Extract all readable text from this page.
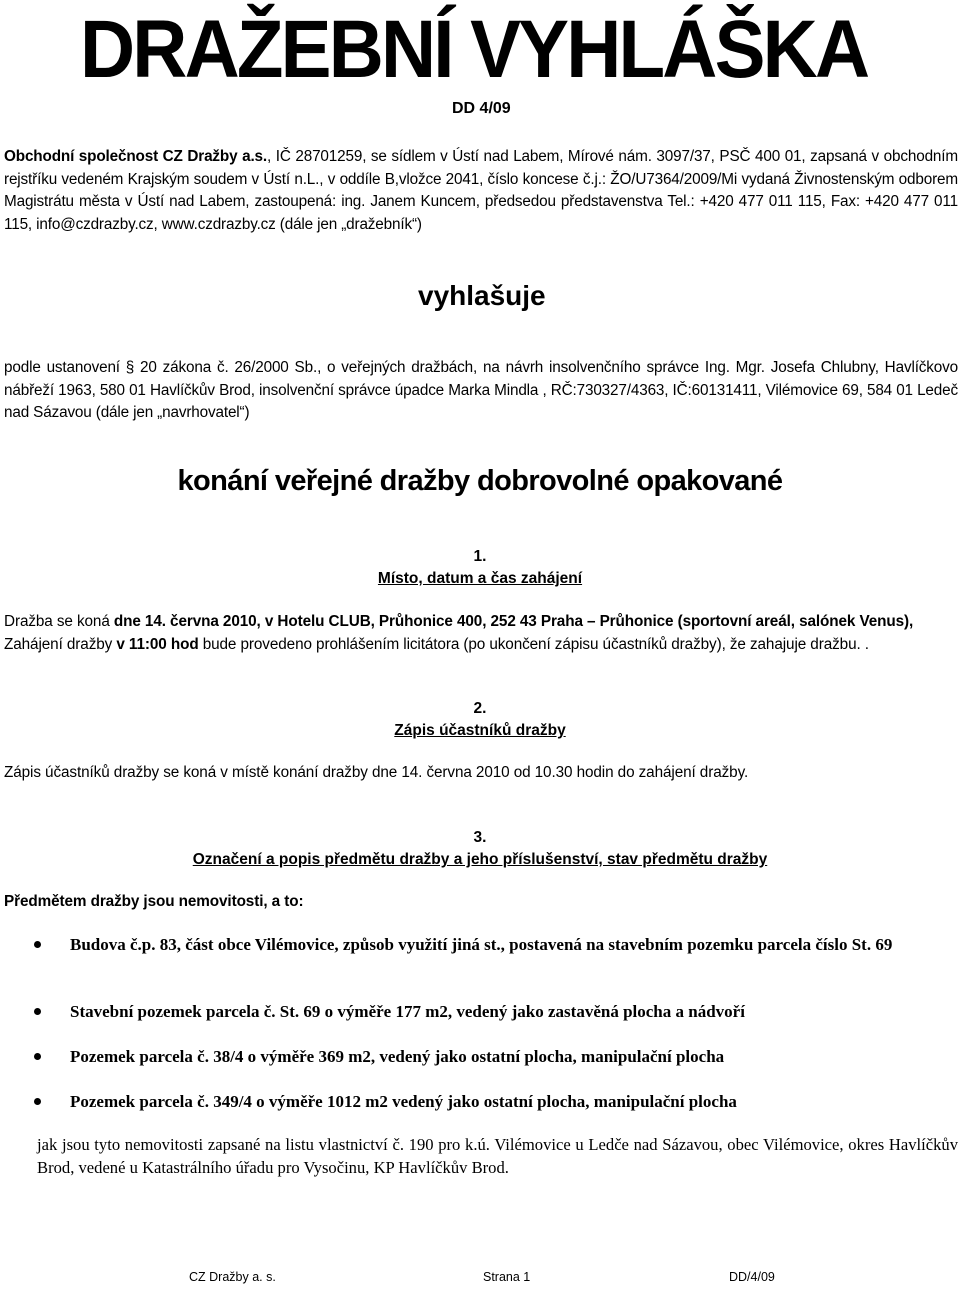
DRAŽEBNÍ VYHLÁŠKA
DD 4/09
Obchodní společnost CZ Dražby a.s., IČ 28701259, se sídlem v Ústí nad Labem, Mírové nám. 3097/37, PSČ 400 01, zapsaná v obchodním rejstříku vedeném Krajským soudem v Ústí n.L., v oddíle B,vložce 2041, číslo koncese č.j.: ŽO/U7364/2009/Mi vydaná Živnostenským odborem Magistrátu města v Ústí nad Labem, zastoupená: ing. Janem Kuncem, předsedou představenstva Tel.: +420 477 011 115, Fax: +420 477 011 115, info@czdrazby.cz, www.czdrazby.cz (dále jen „dražebník“)
vyhlašuje
podle ustanovení § 20 zákona č. 26/2000 Sb., o veřejných dražbách, na návrh insolvenčního správce Ing. Mgr. Josefa Chlubny, Havlíčkovo nábřeží 1963, 580 01 Havlíčkův Brod, insolvenční správce úpadce Marka Mindla , RČ:730327/4363, IČ:60131411, Vilémovice 69, 584 01 Ledeč nad Sázavou (dále jen „navrhovatel“)
konání veřejné dražby dobrovolné opakované
1.
Místo, datum a čas zahájení
Dražba se koná dne 14. června 2010, v Hotelu CLUB, Průhonice 400, 252 43 Praha – Průhonice (sportovní areál, salónek Venus),
Zahájení dražby v 11:00 hod bude provedeno prohlášením licitátora (po ukončení zápisu účastníků dražby), že zahajuje dražbu. .
2.
Zápis účastníků dražby
Zápis účastníků dražby se koná v místě konání dražby dne 14. června 2010 od 10.30 hodin do zahájení dražby.
3.
Označení a popis předmětu dražby a jeho příslušenství, stav předmětu dražby
Předmětem dražby jsou nemovitosti, a to:
Budova č.p. 83, část obce Vilémovice, způsob využití jiná st., postavená na stavebním pozemku parcela číslo St. 69
Stavební pozemek parcela č. St. 69 o výměře 177 m2, vedený jako zastavěná plocha a nádvoří
Pozemek parcela č. 38/4 o výměře 369 m2, vedený jako ostatní plocha, manipulační plocha
Pozemek parcela č. 349/4 o výměře 1012 m2 vedený jako ostatní plocha, manipulační plocha
jak jsou tyto nemovitosti zapsané na listu vlastnictví č. 190 pro k.ú. Vilémovice u Ledče nad Sázavou, obec Vilémovice, okres Havlíčkův Brod, vedené u Katastrálního úřadu pro Vysočinu, KP Havlíčkův Brod.
CZ Dražby a. s.	Strana 1	DD/4/09
